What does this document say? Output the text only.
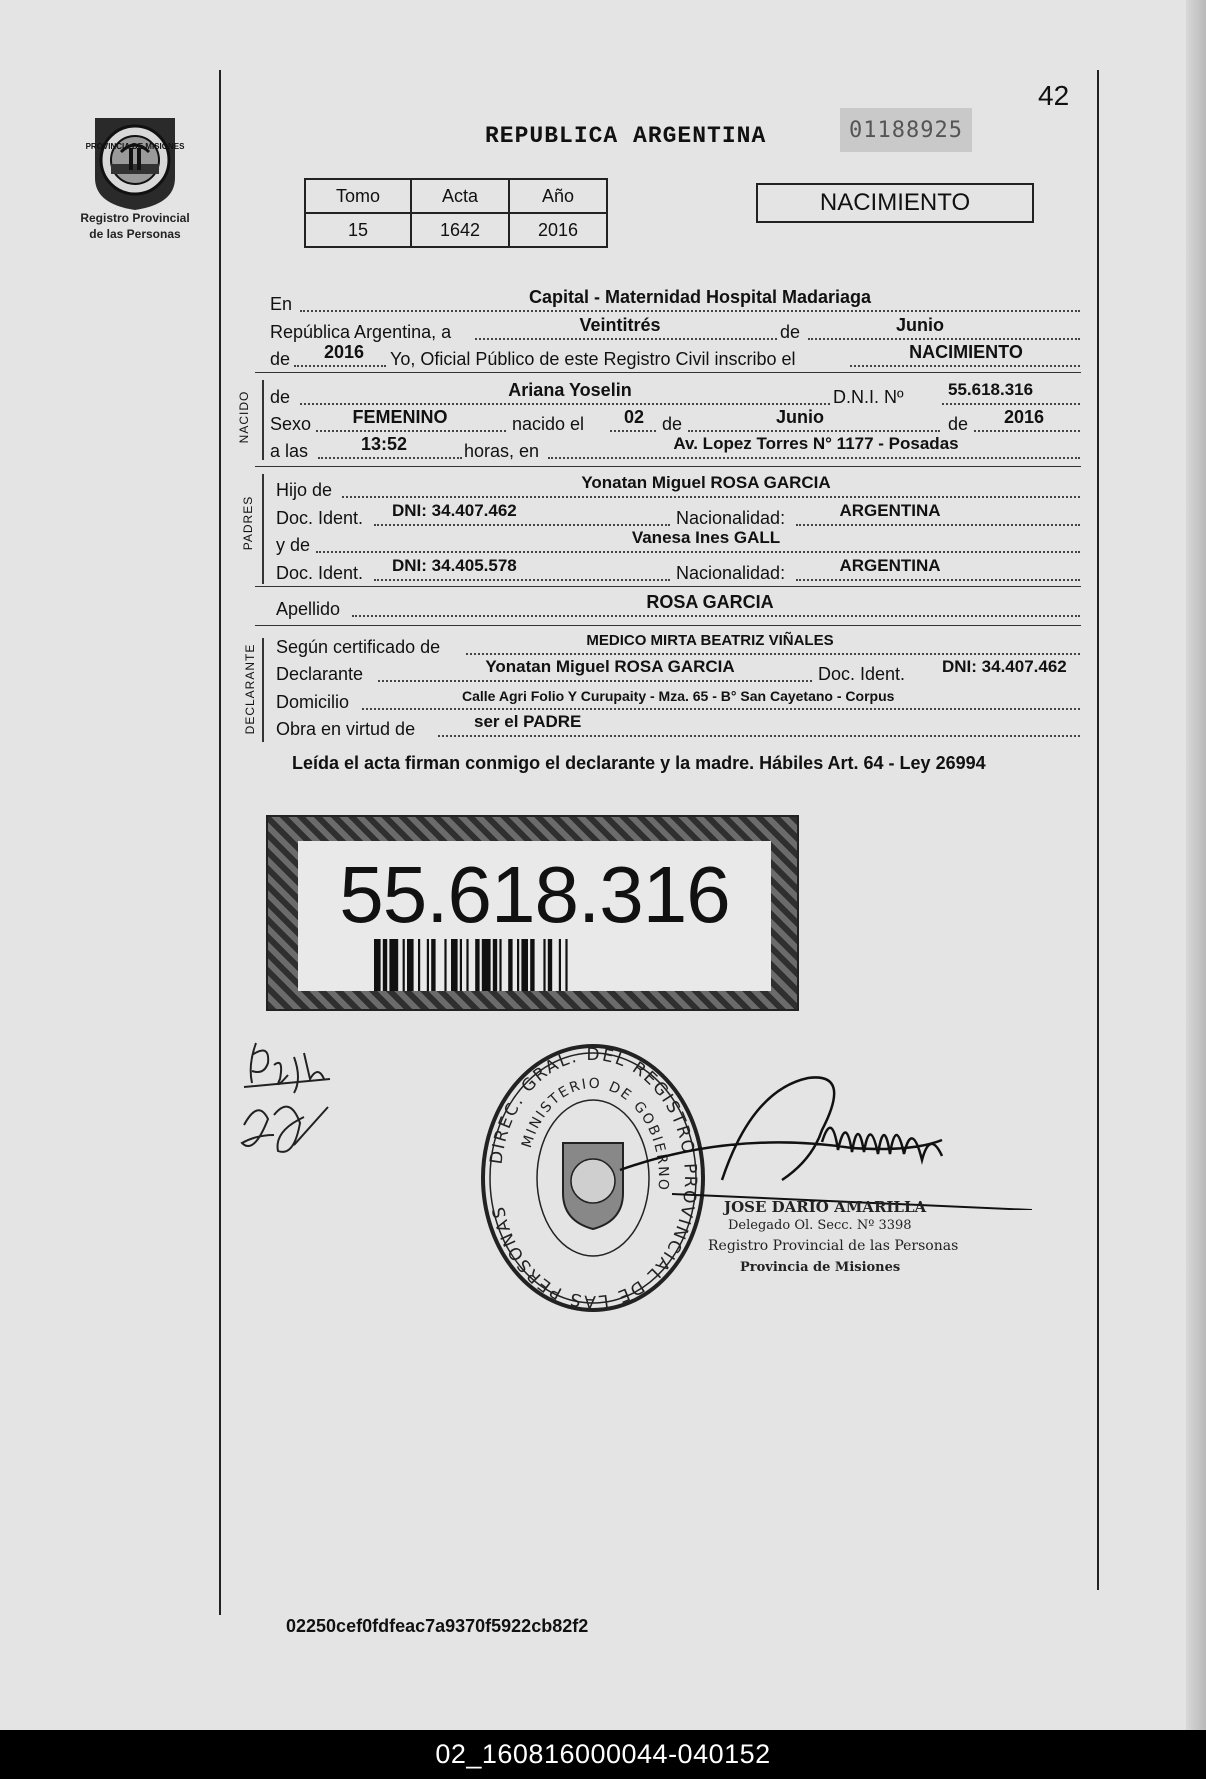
PROVINCIA DE MISIONES
Registro Provincial
de las Personas
42
REPUBLICA ARGENTINA	01188925
Tomo	Acta	Año
15	1642	2016
NACIMIENTO
En	Capital - Maternidad Hospital Madariaga
República Argentina, a	Veintitrés	de	Junio
de 2016 Yo, Oficial Público de este Registro Civil inscribo el	NACIMIENTO
NACIDO de	Ariana Yoselin	D.N.I. Nº	55.618.316
Sexo FEMENINO	nacido el 02 de	Junio	de 2016
a las	13:52	horas, en	Av. Lopez Torres N° 1177 - Posadas
PADRES
Hijo de	Yonatan Miguel ROSA GARCIA
Doc. Ident. DNI: 34.407.462	Nacionalidad:	ARGENTINA
y de	Vanesa Ines GALL
Doc. Ident. DNI: 34.405.578	Nacionalidad:	ARGENTINA
Apellido	ROSA GARCIA
DECLARANTE Según certificado de	MEDICO MIRTA BEATRIZ VIÑALES
Declarante	Yonatan Miguel ROSA GARCIA	Doc. Ident. DNI: 34.407.462
Domicilio	Calle Agri Folio Y Curupaity - Mza. 65 - B° San Cayetano - Corpus
Obra en virtud de	ser el PADRE
Leída el acta firman conmigo el declarante y la madre. Hábiles Art. 64 - Ley 26994
55.618.316
DIREC. GRAL. DEL REGISTRO PROVINCIAL DE LAS PERSONAS
MINISTERIO DE GOBIERNO
JOSE DARIO AMARILLA
Delegado Ol. Secc. Nº 3398
Registro Provincial de las Personas
Provincia de Misiones
02250cef0fdfeac7a9370f5922cb82f2
02_160816000044-040152
